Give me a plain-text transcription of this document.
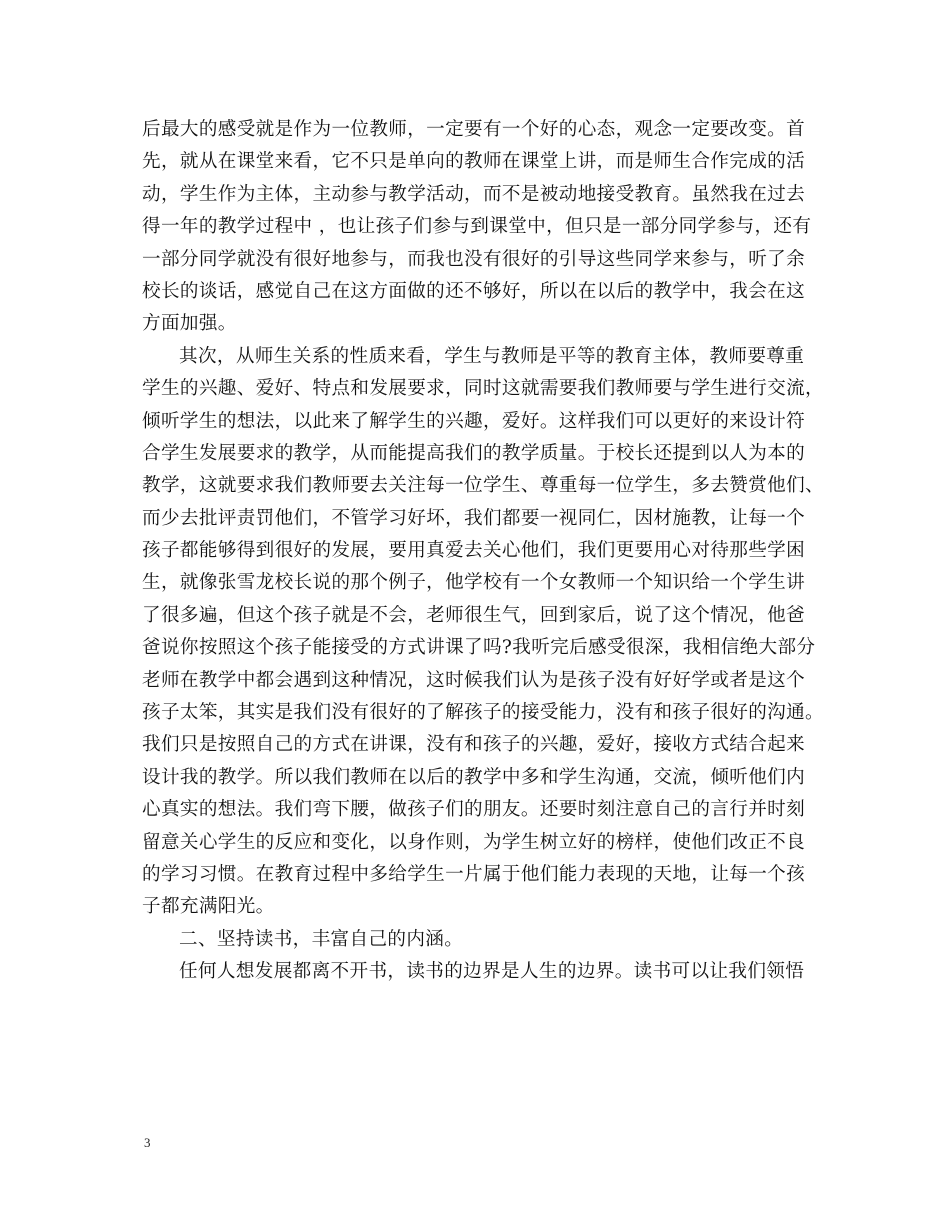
后最大的感受就是作为一位教师，一定要有一个好的心态，观念一定要改变。首
先，就从在课堂来看，它不只是单向的教师在课堂上讲，而是师生合作完成的活
动，学生作为主体，主动参与教学活动，而不是被动地接受教育。虽然我在过去
得一年的教学过程中 ，也让孩子们参与到课堂中，但只是一部分同学参与，还有
一部分同学就没有很好地参与，而我也没有很好的引导这些同学来参与，听了余
校长的谈话，感觉自己在这方面做的还不够好，所以在以后的教学中，我会在这
方面加强。
其次，从师生关系的性质来看，学生与教师是平等的教育主体，教师要尊重
学生的兴趣、爱好、特点和发展要求，同时这就需要我们教师要与学生进行交流，
倾听学生的想法，以此来了解学生的兴趣，爱好。这样我们可以更好的来设计符
合学生发展要求的教学，从而能提高我们的教学质量。于校长还提到以人为本的
教学，这就要求我们教师要去关注每一位学生、尊重每一位学生，多去赞赏他们、
而少去批评责罚他们，不管学习好坏，我们都要一视同仁，因材施教，让每一个
孩子都能够得到很好的发展，要用真爱去关心他们，我们更要用心对待那些学困
生，就像张雪龙校长说的那个例子，他学校有一个女教师一个知识给一个学生讲
了很多遍，但这个孩子就是不会，老师很生气，回到家后，说了这个情况，他爸
爸说你按照这个孩子能接受的方式讲课了吗?我听完后感受很深，我相信绝大部分
老师在教学中都会遇到这种情况，这时候我们认为是孩子没有好好学或者是这个
孩子太笨，其实是我们没有很好的了解孩子的接受能力，没有和孩子很好的沟通。
我们只是按照自己的方式在讲课，没有和孩子的兴趣，爱好，接收方式结合起来
设计我的教学。所以我们教师在以后的教学中多和学生沟通，交流，倾听他们内
心真实的想法。我们弯下腰，做孩子们的朋友。还要时刻注意自己的言行并时刻
留意关心学生的反应和变化，以身作则，为学生树立好的榜样，使他们改正不良
的学习习惯。在教育过程中多给学生一片属于他们能力表现的天地，让每一个孩
子都充满阳光。
二、坚持读书，丰富自己的内涵。
任何人想发展都离不开书，读书的边界是人生的边界。读书可以让我们领悟
3
